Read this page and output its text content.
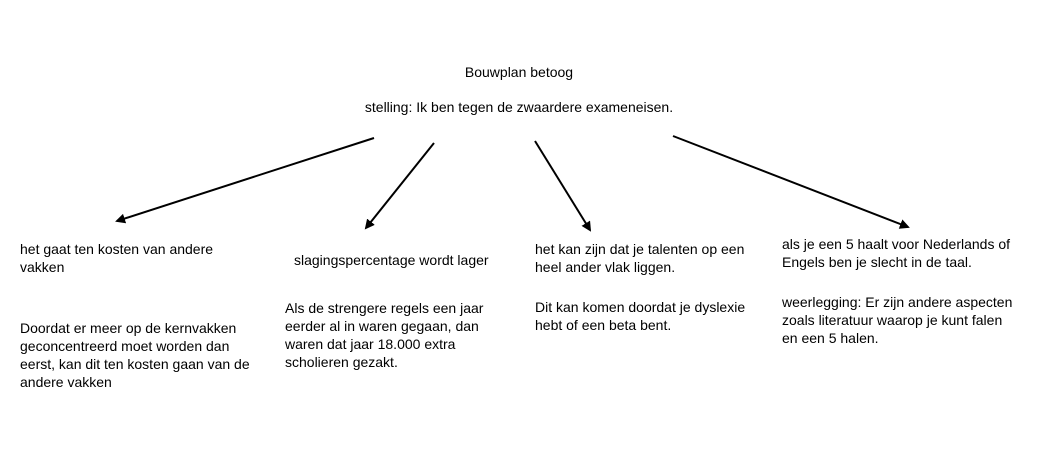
Bouwplan betoog
stelling: Ik ben tegen de zwaardere exameneisen.
het gaat ten kosten van andere
vakken
Doordat er meer op de kernvakken
geconcentreerd moet worden dan
eerst, kan dit ten kosten gaan van de
andere vakken
slagingspercentage wordt lager
Als de strengere regels een jaar
eerder al in waren gegaan, dan
waren dat jaar 18.000 extra
scholieren gezakt.
het kan zijn dat je talenten op een
heel ander vlak liggen.
Dit kan komen doordat je dyslexie
hebt of een beta bent.
als je een 5 haalt voor Nederlands of
Engels ben je slecht in de taal.
weerlegging: Er zijn andere aspecten
zoals literatuur waarop je kunt falen
en een 5 halen.
